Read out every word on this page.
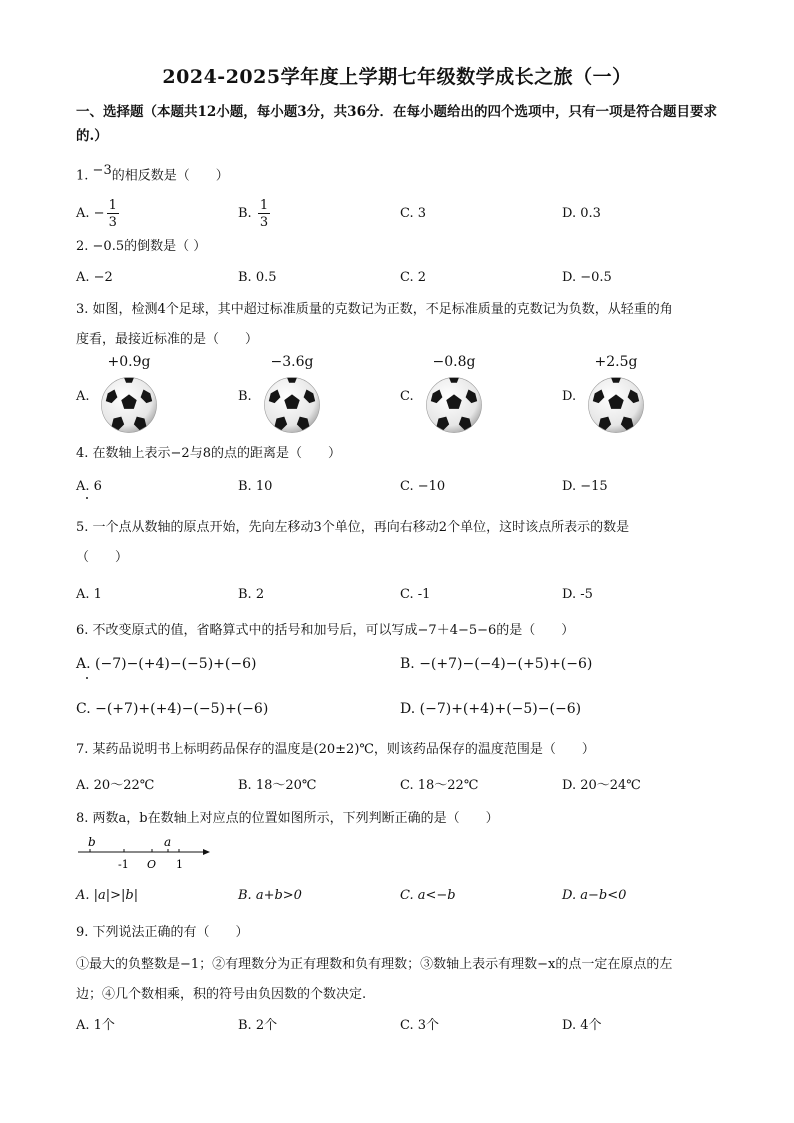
2024-2025学年度上学期七年级数学成长之旅（一）
一、选择题（本题共12小题，每小题3分，共36分．在每小题给出的四个选项中，只有一项是符合题目要求的.）
1. $^{-3}$的相反数是（　　）
A. − $\frac{1}{3}$	B. $\frac{1}{3}$	C. 3	D. 0.3
2. −0.5的倒数是（ ）
A. −2	B. 0.5	C. 2	D. −0.5
3. 如图，检测4个足球，其中超过标准质量的克数记为正数，不足标准质量的克数记为负数，从轻重的角
度看，最接近标准的是（　　）
A.	B.	C.	D.
+0.9g	−3.6g	−0.8g	+2.5g
4. 在数轴上表示−2与8的点的距离是（　　）
A. 6	B. 10	C. −10	D. −15
5. 一个点从数轴的原点开始，先向左移动3个单位，再向右移动2个单位，这时该点所表示的数是
（　　）
A. 1	B. 2	C. -1	D. -5
6. 不改变原式的值，省略算式中的括号和加号后，可以写成−7＋4−5−6的是（　　）
A. (−7)−(+4)−(−5)+(−6)	B. −(+7)−(−4)−(+5)+(−6)
C. −(+7)+(+4)−(−5)+(−6)	D. (−7)+(+4)+(−5)−(−6)
7. 某药品说明书上标明药品保存的温度是(20±2)℃，则该药品保存的温度范围是（　　）
A. 20～22℃	B. 18～20℃	C. 18～22℃	D. 20～24℃
8. 两数a，b在数轴上对应点的位置如图所示，下列判断正确的是（　　）
b	a
-1 O 1
A. |a|>|b|	B. a+b>0	C. a<−b	D. a−b<0
9. 下列说法正确的有（　　）
①最大的负整数是−1；②有理数分为正有理数和负有理数；③数轴上表示有理数−x的点一定在原点的左
边；④几个数相乘，积的符号由负因数的个数决定.
A. 1个	B. 2个	C. 3个	D. 4个
